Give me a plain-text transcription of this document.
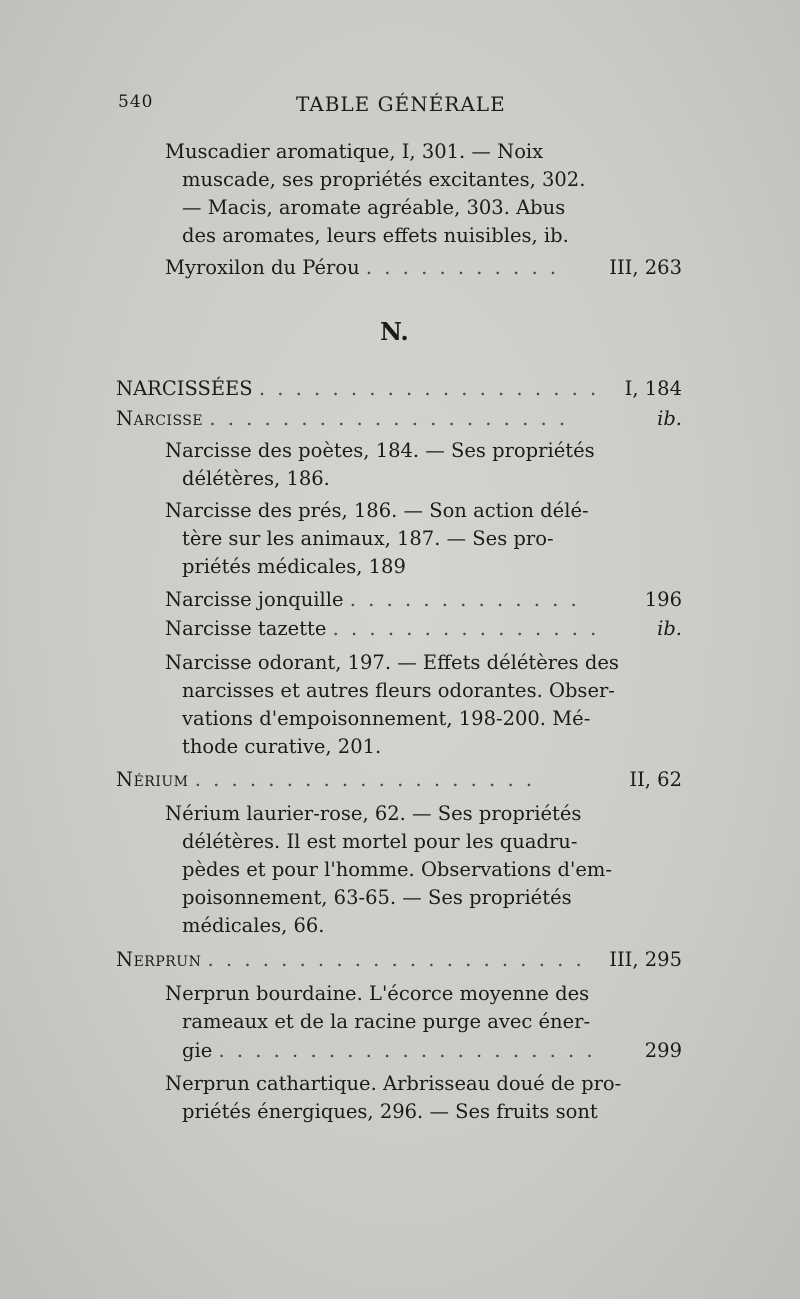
540	TABLE GÉNÉRALE
Muscadier aromatique, I, 301. — Noix
muscade, ses propriétés excitantes, 302.
— Macis, aromate agréable, 303. Abus
des aromates, leurs effets nuisibles, ib.
Myroxilon du Pérou . . . . . . . . . . .	III, 263
N.
NARCISSÉES . . . . . . . . . . . . . . . . . . . I, 184
Narcisse . . . . . . . . . . . . . . . . . . . .	ib.
Narcisse des poètes, 184. — Ses propriétés
délétères, 186.
Narcisse des prés, 186. — Son action délé-
tère sur les animaux, 187. — Ses pro-
priétés médicales, 189
Narcisse jonquille . . . . . . . . . . . . .	196
Narcisse tazette . . . . . . . . . . . . . . .	ib.
Narcisse odorant, 197. — Effets délétères des
narcisses et autres fleurs odorantes. Obser-
vations d'empoisonnement, 198-200. Mé-
thode curative, 201.
Nérium . . . . . . . . . . . . . . . . . . .	II, 62
Nérium laurier-rose, 62. — Ses propriétés
délétères. Il est mortel pour les quadru-
pèdes et pour l'homme. Observations d'em-
poisonnement, 63-65. — Ses propriétés
médicales, 66.
Nerprun . . . . . . . . . . . . . . . . . . . . . III, 295
Nerprun bourdaine. L'écorce moyenne des
rameaux et de la racine purge avec éner-
gie . . . . . . . . . . . . . . . . . . . . .	299
Nerprun cathartique. Arbrisseau doué de pro-
priétés énergiques, 296. — Ses fruits sont
